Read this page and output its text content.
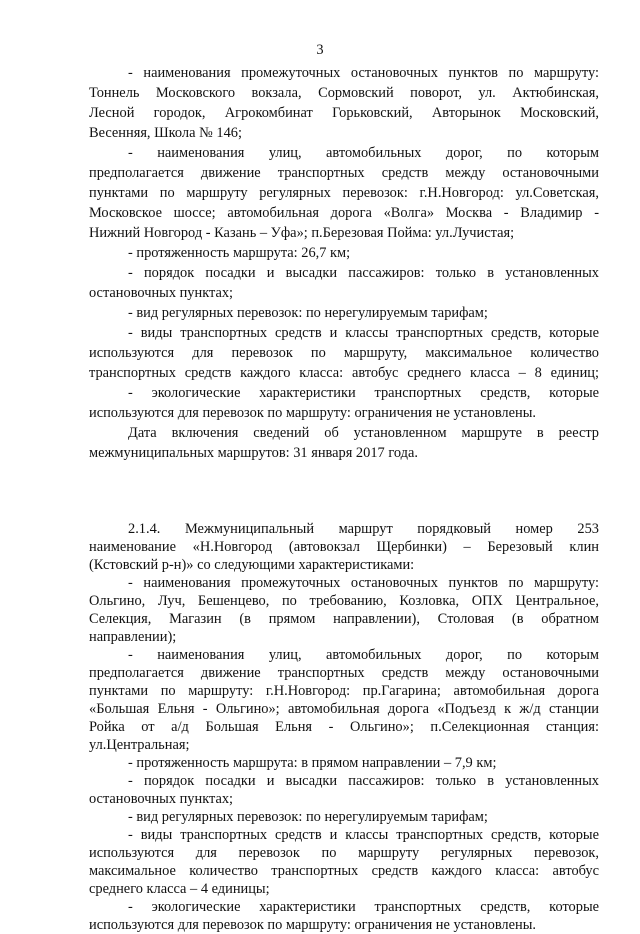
3
- наименования промежуточных остановочных пунктов по маршруту:
Тоннель Московского вокзала, Сормовский поворот, ул. Актюбинская,
Лесной городок, Агрокомбинат Горьковский, Авторынок Московский,
Весенняя, Школа № 146;
- наименования улиц, автомобильных дорог, по которым
предполагается движение транспортных средств между остановочными
пунктами по маршруту регулярных перевозок: г.Н.Новгород: ул.Советская,
Московское шоссе; автомобильная дорога «Волга» Москва - Владимир -
Нижний Новгород - Казань – Уфа»; п.Березовая Пойма: ул.Лучистая;
- протяженность маршрута: 26,7 км;
- порядок посадки и высадки пассажиров: только в установленных
остановочных пунктах;
- вид регулярных перевозок: по нерегулируемым тарифам;
- виды транспортных средств и классы транспортных средств, которые
используются для перевозок по маршруту, максимальное количество
транспортных средств каждого класса: автобус среднего класса – 8 единиц;
- экологические характеристики транспортных средств, которые
используются для перевозок по маршруту: ограничения не установлены.
Дата включения сведений об установленном маршруте в реестр
межмуниципальных маршрутов: 31 января 2017 года.
2.1.4. Межмуниципальный маршрут порядковый номер 253
наименование «Н.Новгород (автовокзал Щербинки) – Березовый клин
(Кстовский р-н)» со следующими характеристиками:
- наименования промежуточных остановочных пунктов по маршруту:
Ольгино, Луч, Бешенцево, по требованию, Козловка, ОПХ Центральное,
Селекция, Магазин (в прямом направлении), Столовая (в обратном
направлении);
- наименования улиц, автомобильных дорог, по которым
предполагается движение транспортных средств между остановочными
пунктами по маршруту: г.Н.Новгород: пр.Гагарина; автомобильная дорога
«Большая Ельня - Ольгино»; автомобильная дорога «Подъезд к ж/д станции
Ройка от а/д Большая Ельня - Ольгино»; п.Селекционная станция:
ул.Центральная;
- протяженность маршрута: в прямом направлении – 7,9 км;
- порядок посадки и высадки пассажиров: только в установленных
остановочных пунктах;
- вид регулярных перевозок: по нерегулируемым тарифам;
- виды транспортных средств и классы транспортных средств, которые
используются для перевозок по маршруту регулярных перевозок,
максимальное количество транспортных средств каждого класса: автобус
среднего класса – 4 единицы;
- экологические характеристики транспортных средств, которые
используются для перевозок по маршруту: ограничения не установлены.
